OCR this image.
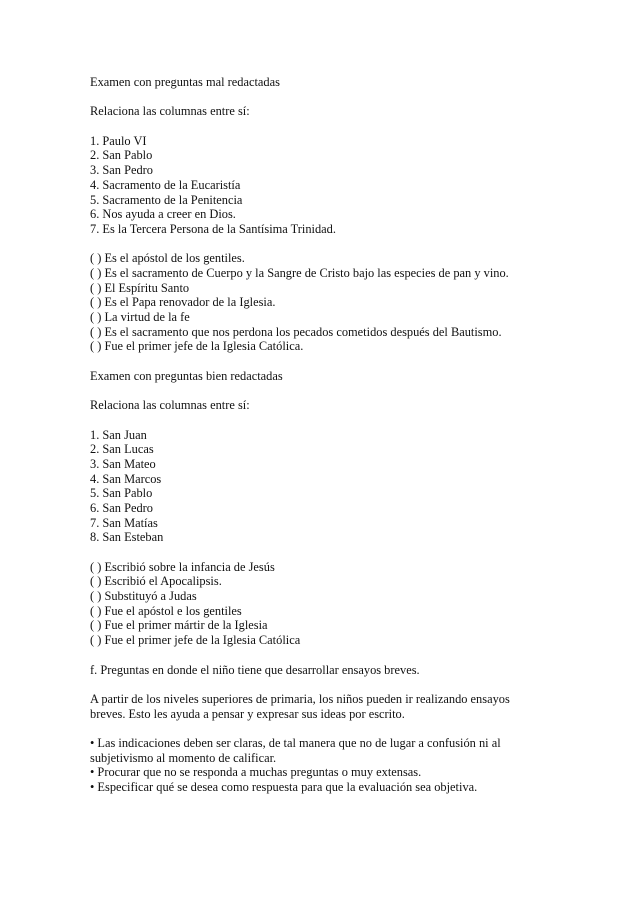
Examen con preguntas mal redactadas
Relaciona las columnas entre sí:
1. Paulo VI
2. San Pablo
3. San Pedro
4. Sacramento de la Eucaristía
5. Sacramento de la Penitencia
6. Nos ayuda a creer en Dios.
7. Es la Tercera Persona de la Santísima Trinidad.
( ) Es el apóstol de los gentiles.
( ) Es el sacramento de Cuerpo y la Sangre de Cristo bajo las especies de pan y vino.
( ) El Espíritu Santo
( ) Es el Papa renovador de la Iglesia.
( ) La virtud de la fe
( ) Es el sacramento que nos perdona los pecados cometidos después del Bautismo.
( ) Fue el primer jefe de la Iglesia Católica.
Examen con preguntas bien redactadas
Relaciona las columnas entre sí:
1. San Juan
2. San Lucas
3. San Mateo
4. San Marcos
5. San Pablo
6. San Pedro
7. San Matías
8. San Esteban
( ) Escribió sobre la infancia de Jesús
( ) Escribió el Apocalipsis.
( ) Substituyó a Judas
( ) Fue el apóstol e los gentiles
( ) Fue el primer mártir de la Iglesia
( ) Fue el primer jefe de la Iglesia Católica
f. Preguntas en donde el niño tiene que desarrollar ensayos breves.
A partir de los niveles superiores de primaria, los niños pueden ir realizando ensayos
breves. Esto les ayuda a pensar y expresar sus ideas por escrito.
• Las indicaciones deben ser claras, de tal manera que no de lugar a confusión ni al
subjetivismo al momento de calificar.
• Procurar que no se responda a muchas preguntas o muy extensas.
• Especificar qué se desea como respuesta para que la evaluación sea objetiva.
